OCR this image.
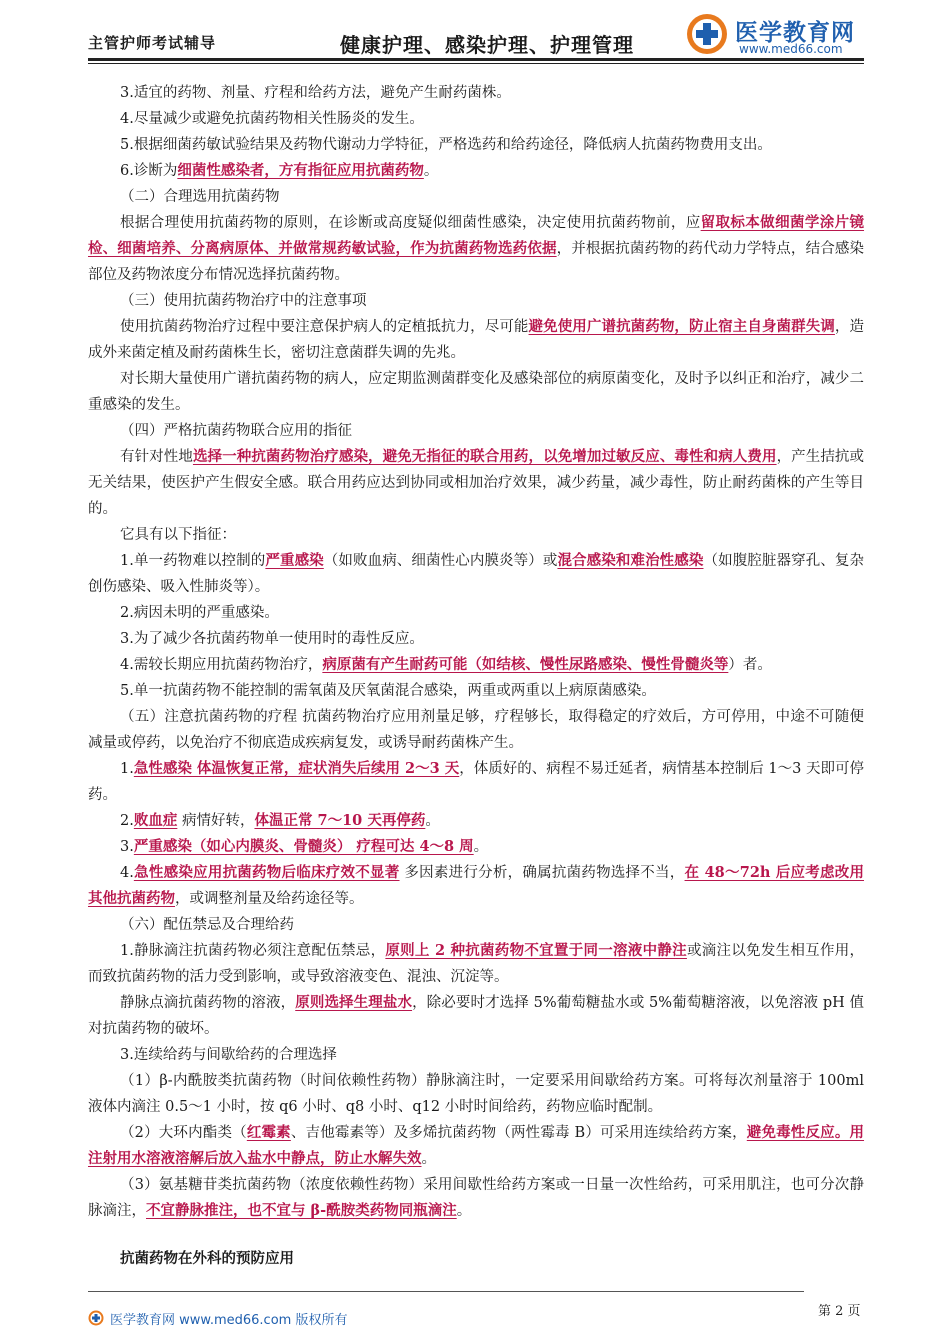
主管护师考试辅导	健康护理、感染护理、护理管理	医学教育网
www.med66.com

3.适宜的药物、剂量、疗程和给药方法，避免产生耐药菌株。

4.尽量减少或避免抗菌药物相关性肠炎的发生。

5.根据细菌药敏试验结果及药物代谢动力学特征，严格选药和给药途径，降低病人抗菌药物费用支出。

6.诊断为细菌性感染者，方有指征应用抗菌药物。

（二）合理选用抗菌药物

根据合理使用抗菌药物的原则，在诊断或高度疑似细菌性感染，决定使用抗菌药物前，应留取标本做细菌学涂片镜检、细菌培养、分离病原体、并做常规药敏试验，作为抗菌药物选药依据，并根据抗菌药物的药代动力学特点，结合感染部位及药物浓度分布情况选择抗菌药物。

（三）使用抗菌药物治疗中的注意事项

使用抗菌药物治疗过程中要注意保护病人的定植抵抗力，尽可能避免使用广谱抗菌药物，防止宿主自身菌群失调，造成外来菌定植及耐药菌株生长，密切注意菌群失调的先兆。

对长期大量使用广谱抗菌药物的病人，应定期监测菌群变化及感染部位的病原菌变化，及时予以纠正和治疗，减少二重感染的发生。

（四）严格抗菌药物联合应用的指征

有针对性地选择一种抗菌药物治疗感染，避免无指征的联合用药，以免增加过敏反应、毒性和病人费用，产生拮抗或无关结果，使医护产生假安全感。联合用药应达到协同或相加治疗效果，减少药量，减少毒性，防止耐药菌株的产生等目的。

它具有以下指征：

1.单一药物难以控制的严重感染（如败血病、细菌性心内膜炎等）或混合感染和难治性感染（如腹腔脏器穿孔、复杂创伤感染、吸入性肺炎等）。

2.病因未明的严重感染。

3.为了减少各抗菌药物单一使用时的毒性反应。

4.需较长期应用抗菌药物治疗，病原菌有产生耐药可能（如结核、慢性尿路感染、慢性骨髓炎等）者。

5.单一抗菌药物不能控制的需氧菌及厌氧菌混合感染，两重或两重以上病原菌感染。

（五）注意抗菌药物的疗程 抗菌药物治疗应用剂量足够，疗程够长，取得稳定的疗效后，方可停用，中途不可随便减量或停药，以免治疗不彻底造成疾病复发，或诱导耐药菌株产生。

1.急性感染 体温恢复正常，症状消失后续用 2～3 天，体质好的、病程不易迁延者，病情基本控制后 1～3 天即可停药。

2.败血症 病情好转，体温正常 7～10 天再停药。

3.严重感染（如心内膜炎、骨髓炎） 疗程可达 4～8 周。

4.急性感染应用抗菌药物后临床疗效不显著 多因素进行分析，确属抗菌药物选择不当，在 48～72h 后应考虑改用其他抗菌药物，或调整剂量及给药途径等。

（六）配伍禁忌及合理给药

1.静脉滴注抗菌药物必须注意配伍禁忌，原则上 2 种抗菌药物不宜置于同一溶液中静注或滴注以免发生相互作用，而致抗菌药物的活力受到影响，或导致溶液变色、混浊、沉淀等。

静脉点滴抗菌药物的溶液，原则选择生理盐水，除必要时才选择 5%葡萄糖盐水或 5%葡萄糖溶液，以免溶液 pH 值对抗菌药物的破坏。

3.连续给药与间歇给药的合理选择

（1）β-内酰胺类抗菌药物（时间依赖性药物）静脉滴注时，一定要采用间歇给药方案。可将每次剂量溶于 100ml 液体内滴注 0.5～1 小时，按 q6 小时、q8 小时、q12 小时时间给药，药物应临时配制。

（2）大环内酯类（红霉素、吉他霉素等）及多烯抗菌药物（两性霉毒 B）可采用连续给药方案，避免毒性反应。用注射用水溶液溶解后放入盐水中静点，防止水解失效。

（3）氨基糖苷类抗菌药物（浓度依赖性药物）采用间歇性给药方案或一日量一次性给药，可采用肌注，也可分次静脉滴注，不宜静脉推注，也不宜与 β-酰胺类药物同瓶滴注。

抗菌药物在外科的预防应用

医学教育网 www.med66.com 版权所有
第 2 页
